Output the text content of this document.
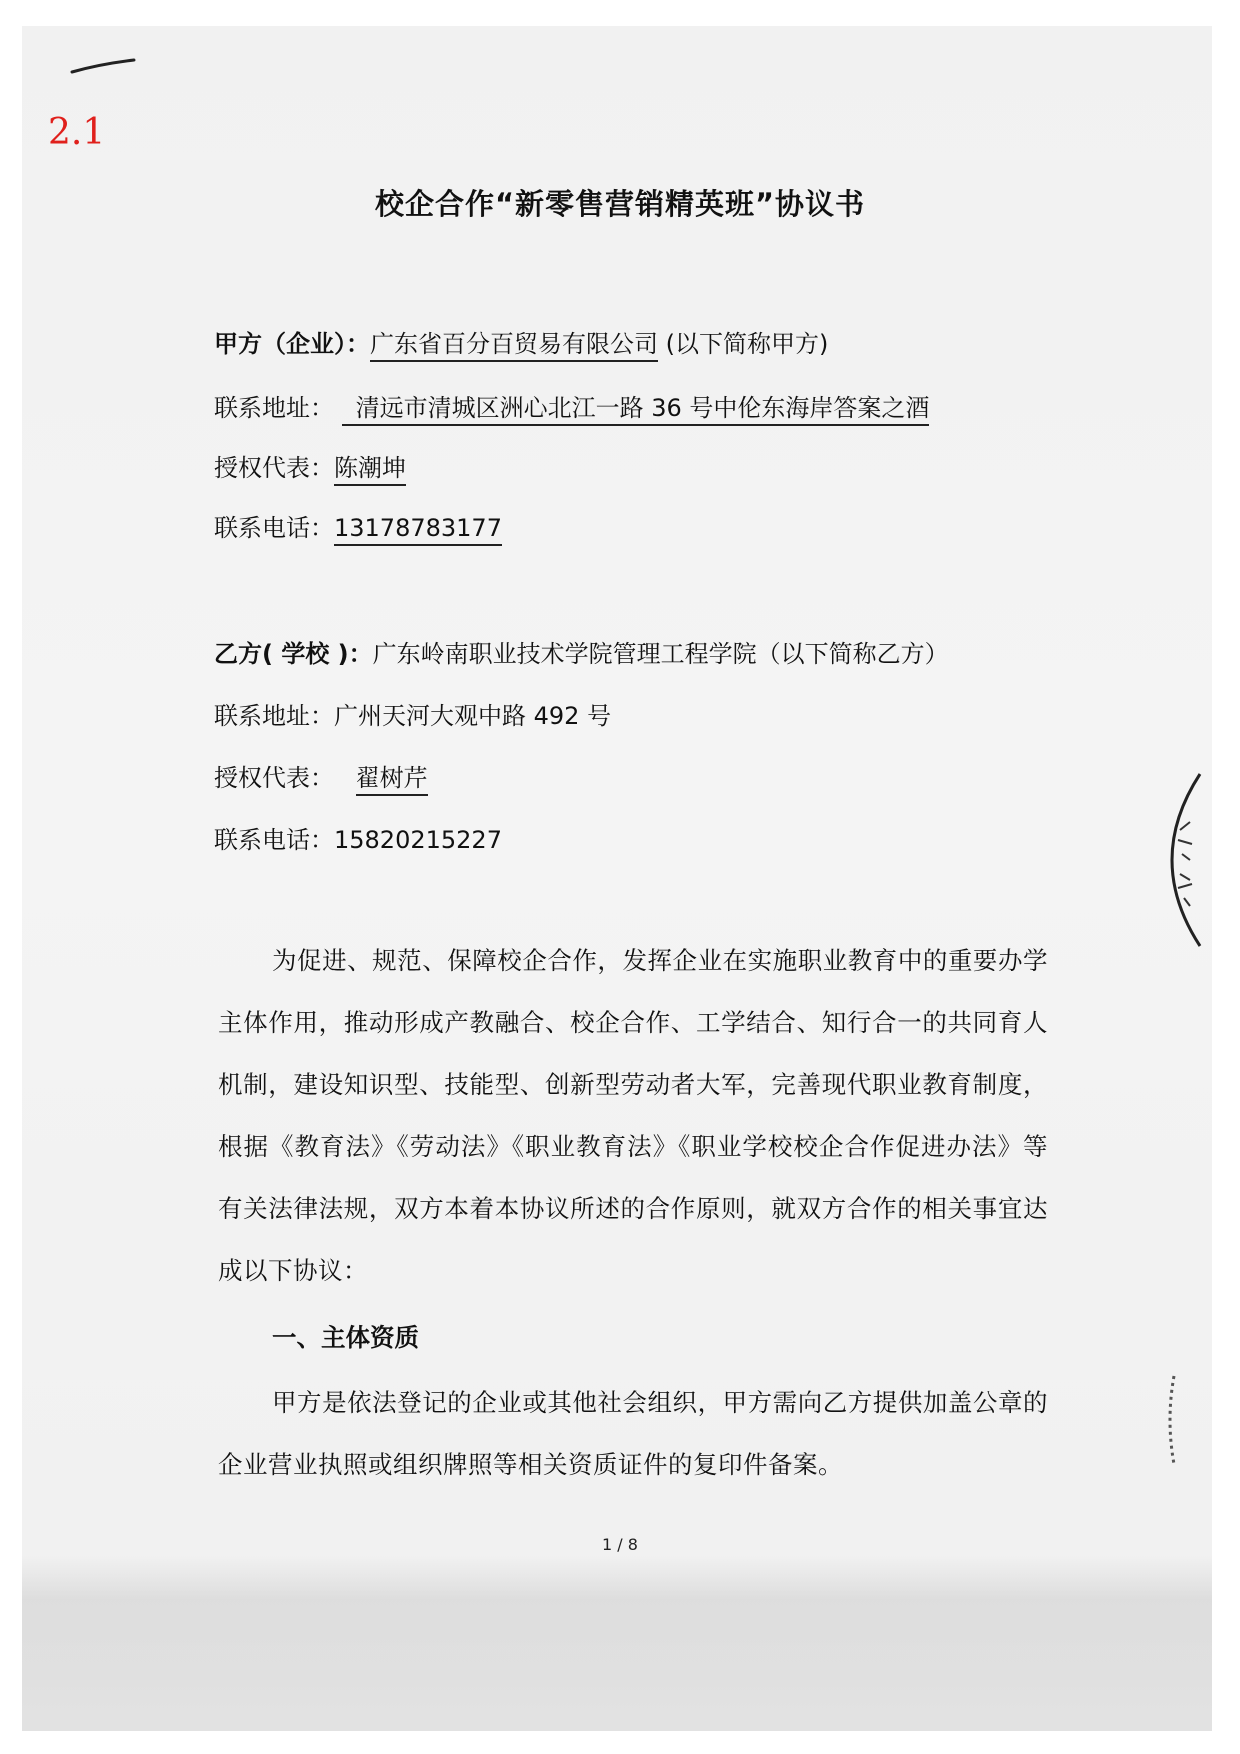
2.1
校企合作“新零售营销精英班”协议书
甲方（企业）：广东省百分百贸易有限公司 (以下简称甲方)
联系地址： 清远市清城区洲心北江一路 36 号中伦东海岸答案之酒
授权代表：陈潮坤
联系电话：13178783177
乙方( 学校 )：广东岭南职业技术学院管理工程学院（以下简称乙方）
联系地址：广州天河大观中路 492 号
授权代表： 翟树芹
联系电话：15820215227
为促进、规范、保障校企合作，发挥企业在实施职业教育中的重要办学主体作用，推动形成产教融合、校企合作、工学结合、知行合一的共同育人机制，建设知识型、技能型、创新型劳动者大军，完善现代职业教育制度，根据《教育法》《劳动法》《职业教育法》《职业学校校企合作促进办法》等有关法律法规，双方本着本协议所述的合作原则，就双方合作的相关事宜达成以下协议：
一、主体资质
甲方是依法登记的企业或其他社会组织，甲方需向乙方提供加盖公章的企业营业执照或组织牌照等相关资质证件的复印件备案。
1 / 8
